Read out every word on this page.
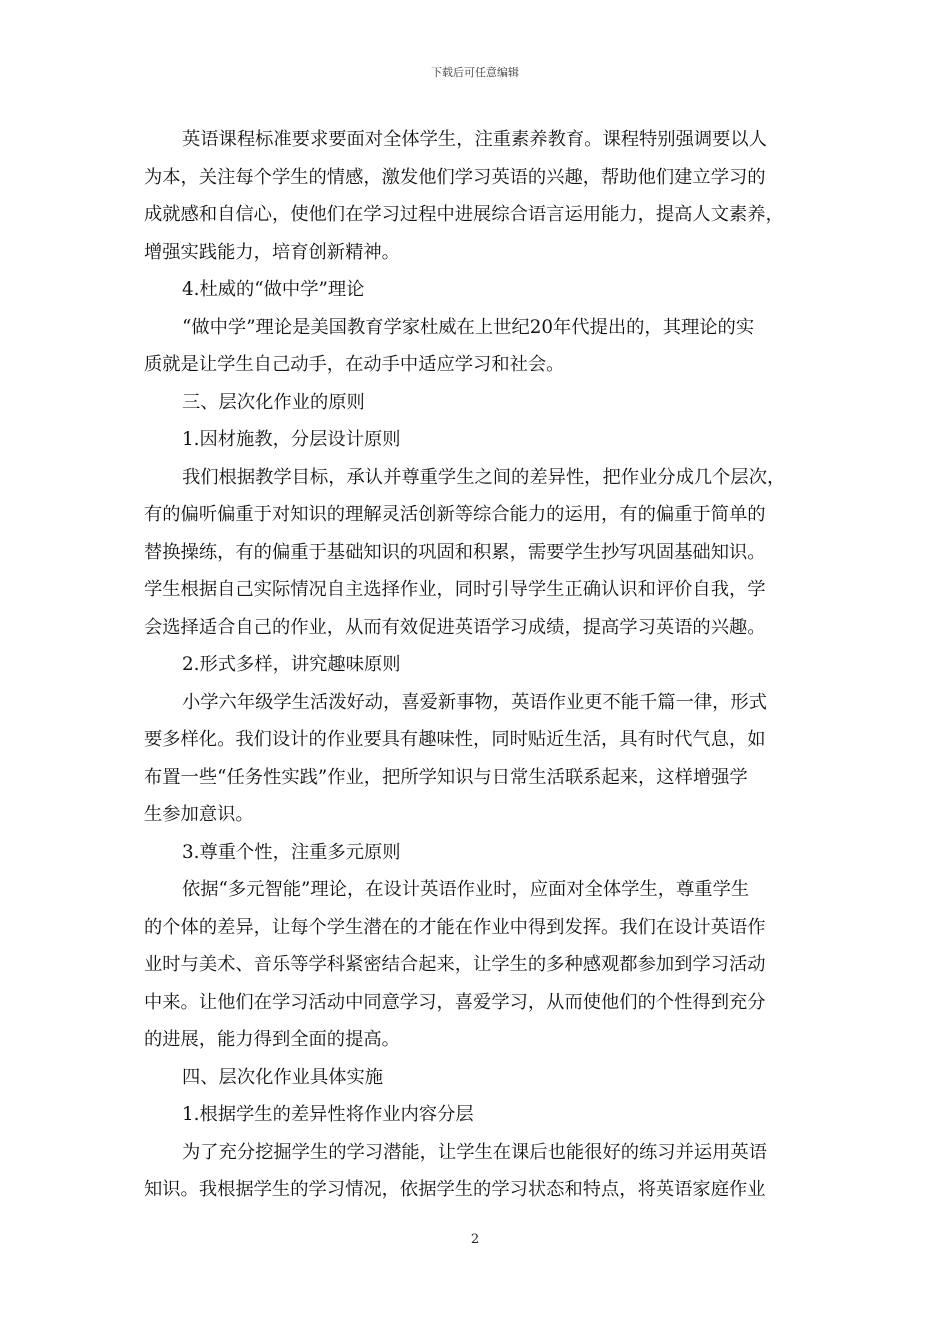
下载后可任意编辑
英语课程标准要求要面对全体学生，注重素养教育。课程特别强调要以人
为本，关注每个学生的情感，激发他们学习英语的兴趣，帮助他们建立学习的
成就感和自信心，使他们在学习过程中进展综合语言运用能力，提高人文素养，
增强实践能力，培育创新精神。
4.杜威的“做中学”理论
“做中学”理论是美国教育学家杜威在上世纪20年代提出的，其理论的实
质就是让学生自己动手，在动手中适应学习和社会。
三、层次化作业的原则
1.因材施教，分层设计原则
我们根据教学目标，承认并尊重学生之间的差异性，把作业分成几个层次，
有的偏听偏重于对知识的理解灵活创新等综合能力的运用，有的偏重于简单的
替换操练，有的偏重于基础知识的巩固和积累，需要学生抄写巩固基础知识。
学生根据自己实际情况自主选择作业，同时引导学生正确认识和评价自我，学
会选择适合自己的作业，从而有效促进英语学习成绩，提高学习英语的兴趣。
2.形式多样，讲究趣味原则
小学六年级学生活泼好动，喜爱新事物，英语作业更不能千篇一律，形式
要多样化。我们设计的作业要具有趣味性，同时贴近生活，具有时代气息，如
布置一些“任务性实践”作业，把所学知识与日常生活联系起来，这样增强学
生参加意识。
3.尊重个性，注重多元原则
依据“多元智能”理论，在设计英语作业时，应面对全体学生，尊重学生
的个体的差异，让每个学生潜在的才能在作业中得到发挥。我们在设计英语作
业时与美术、音乐等学科紧密结合起来，让学生的多种感观都参加到学习活动
中来。让他们在学习活动中同意学习，喜爱学习，从而使他们的个性得到充分
的进展，能力得到全面的提高。
四、层次化作业具体实施
1.根据学生的差异性将作业内容分层
为了充分挖掘学生的学习潜能，让学生在课后也能很好的练习并运用英语
知识。我根据学生的学习情况，依据学生的学习状态和特点，将英语家庭作业
2
